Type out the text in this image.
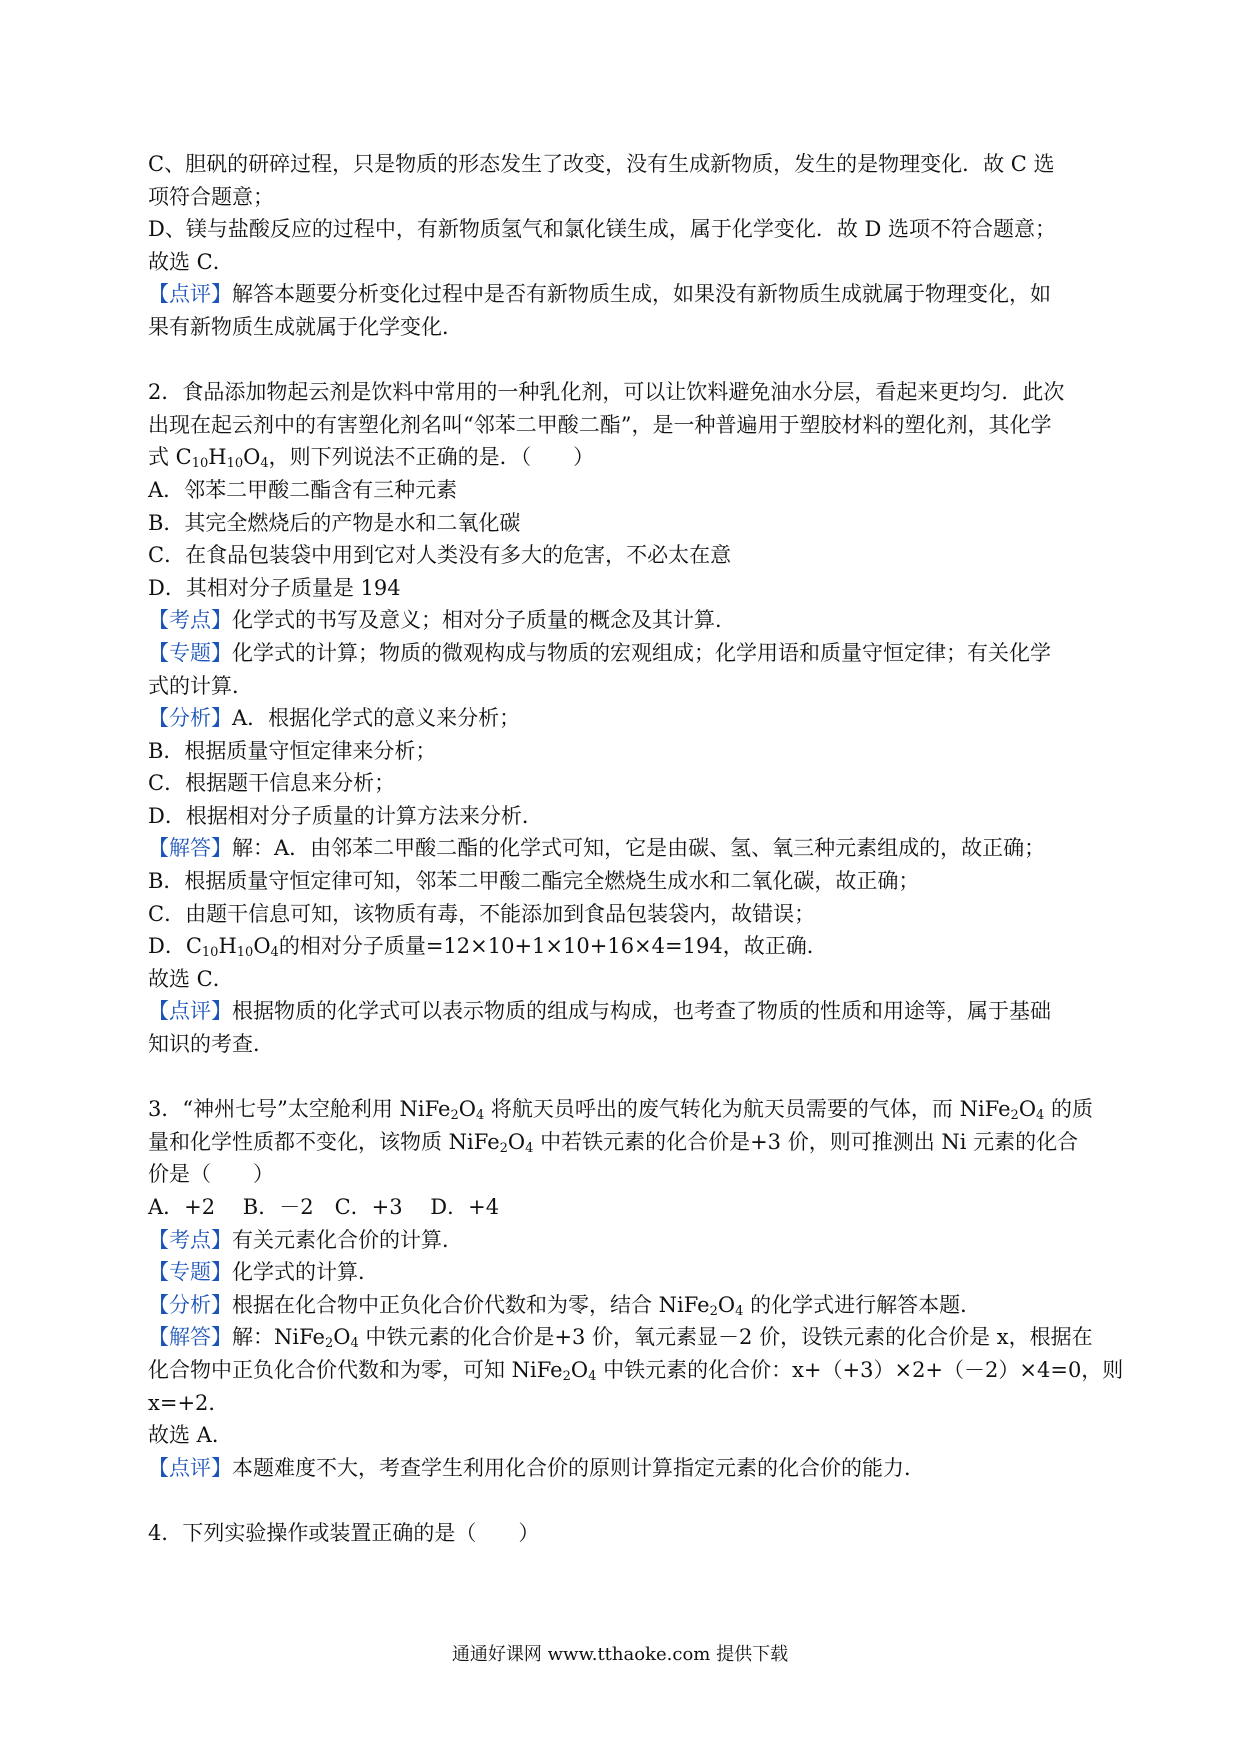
C、胆矾的研碎过程，只是物质的形态发生了改变，没有生成新物质，发生的是物理变化．故 C 选
项符合题意；
D、镁与盐酸反应的过程中，有新物质氢气和氯化镁生成，属于化学变化．故 D 选项不符合题意；
故选 C．
【点评】解答本题要分析变化过程中是否有新物质生成，如果没有新物质生成就属于物理变化，如
果有新物质生成就属于化学变化．
2．食品添加物起云剂是饮料中常用的一种乳化剂，可以让饮料避免油水分层，看起来更均匀．此次
出现在起云剂中的有害塑化剂名叫“邻苯二甲酸二酯”，是一种普遍用于塑胶材料的塑化剂，其化学
式 $C_{10}H_{10}O_4$，则下列说法不正确的是．（　　）
A．邻苯二甲酸二酯含有三种元素
B．其完全燃烧后的产物是水和二氧化碳
C．在食品包装袋中用到它对人类没有多大的危害，不必太在意
D．其相对分子质量是 194
【考点】化学式的书写及意义；相对分子质量的概念及其计算．
【专题】化学式的计算；物质的微观构成与物质的宏观组成；化学用语和质量守恒定律；有关化学
式的计算．
【分析】A．根据化学式的意义来分析；
B．根据质量守恒定律来分析；
C．根据题干信息来分析；
D．根据相对分子质量的计算方法来分析．
【解答】解：A．由邻苯二甲酸二酯的化学式可知，它是由碳、氢、氧三种元素组成的，故正确；
B．根据质量守恒定律可知，邻苯二甲酸二酯完全燃烧生成水和二氧化碳，故正确；
C．由题干信息可知，该物质有毒，不能添加到食品包装袋内，故错误；
D．$C_{10}H_{10}O_4$的相对分子质量=12×10+1×10+16×4=194，故正确．
故选 C．
【点评】根据物质的化学式可以表示物质的组成与构成，也考查了物质的性质和用途等，属于基础
知识的考查．
3．“神州七号”太空舱利用 $NiFe_2O_4$ 将航天员呼出的废气转化为航天员需要的气体，而 $NiFe_2O_4$ 的质
量和化学性质都不变化，该物质 $NiFe_2O_4$ 中若铁元素的化合价是+3 价，则可推测出 Ni 元素的化合
价是（　　）
A．+2　 B．－2　C．+3　 D．+4
【考点】有关元素化合价的计算．
【专题】化学式的计算．
【分析】根据在化合物中正负化合价代数和为零，结合 $NiFe_2O_4$ 的化学式进行解答本题．
【解答】解：$NiFe_2O_4$ 中铁元素的化合价是+3 价，氧元素显－2 价，设铁元素的化合价是 x，根据在
化合物中正负化合价代数和为零，可知 $NiFe_2O_4$ 中铁元素的化合价：x+（+3）×2+（－2）×4=0，则
x=+2．
故选 A．
【点评】本题难度不大，考查学生利用化合价的原则计算指定元素的化合价的能力．
4．下列实验操作或装置正确的是（　　）
通通好课网 www.tthaoke.com 提供下载
